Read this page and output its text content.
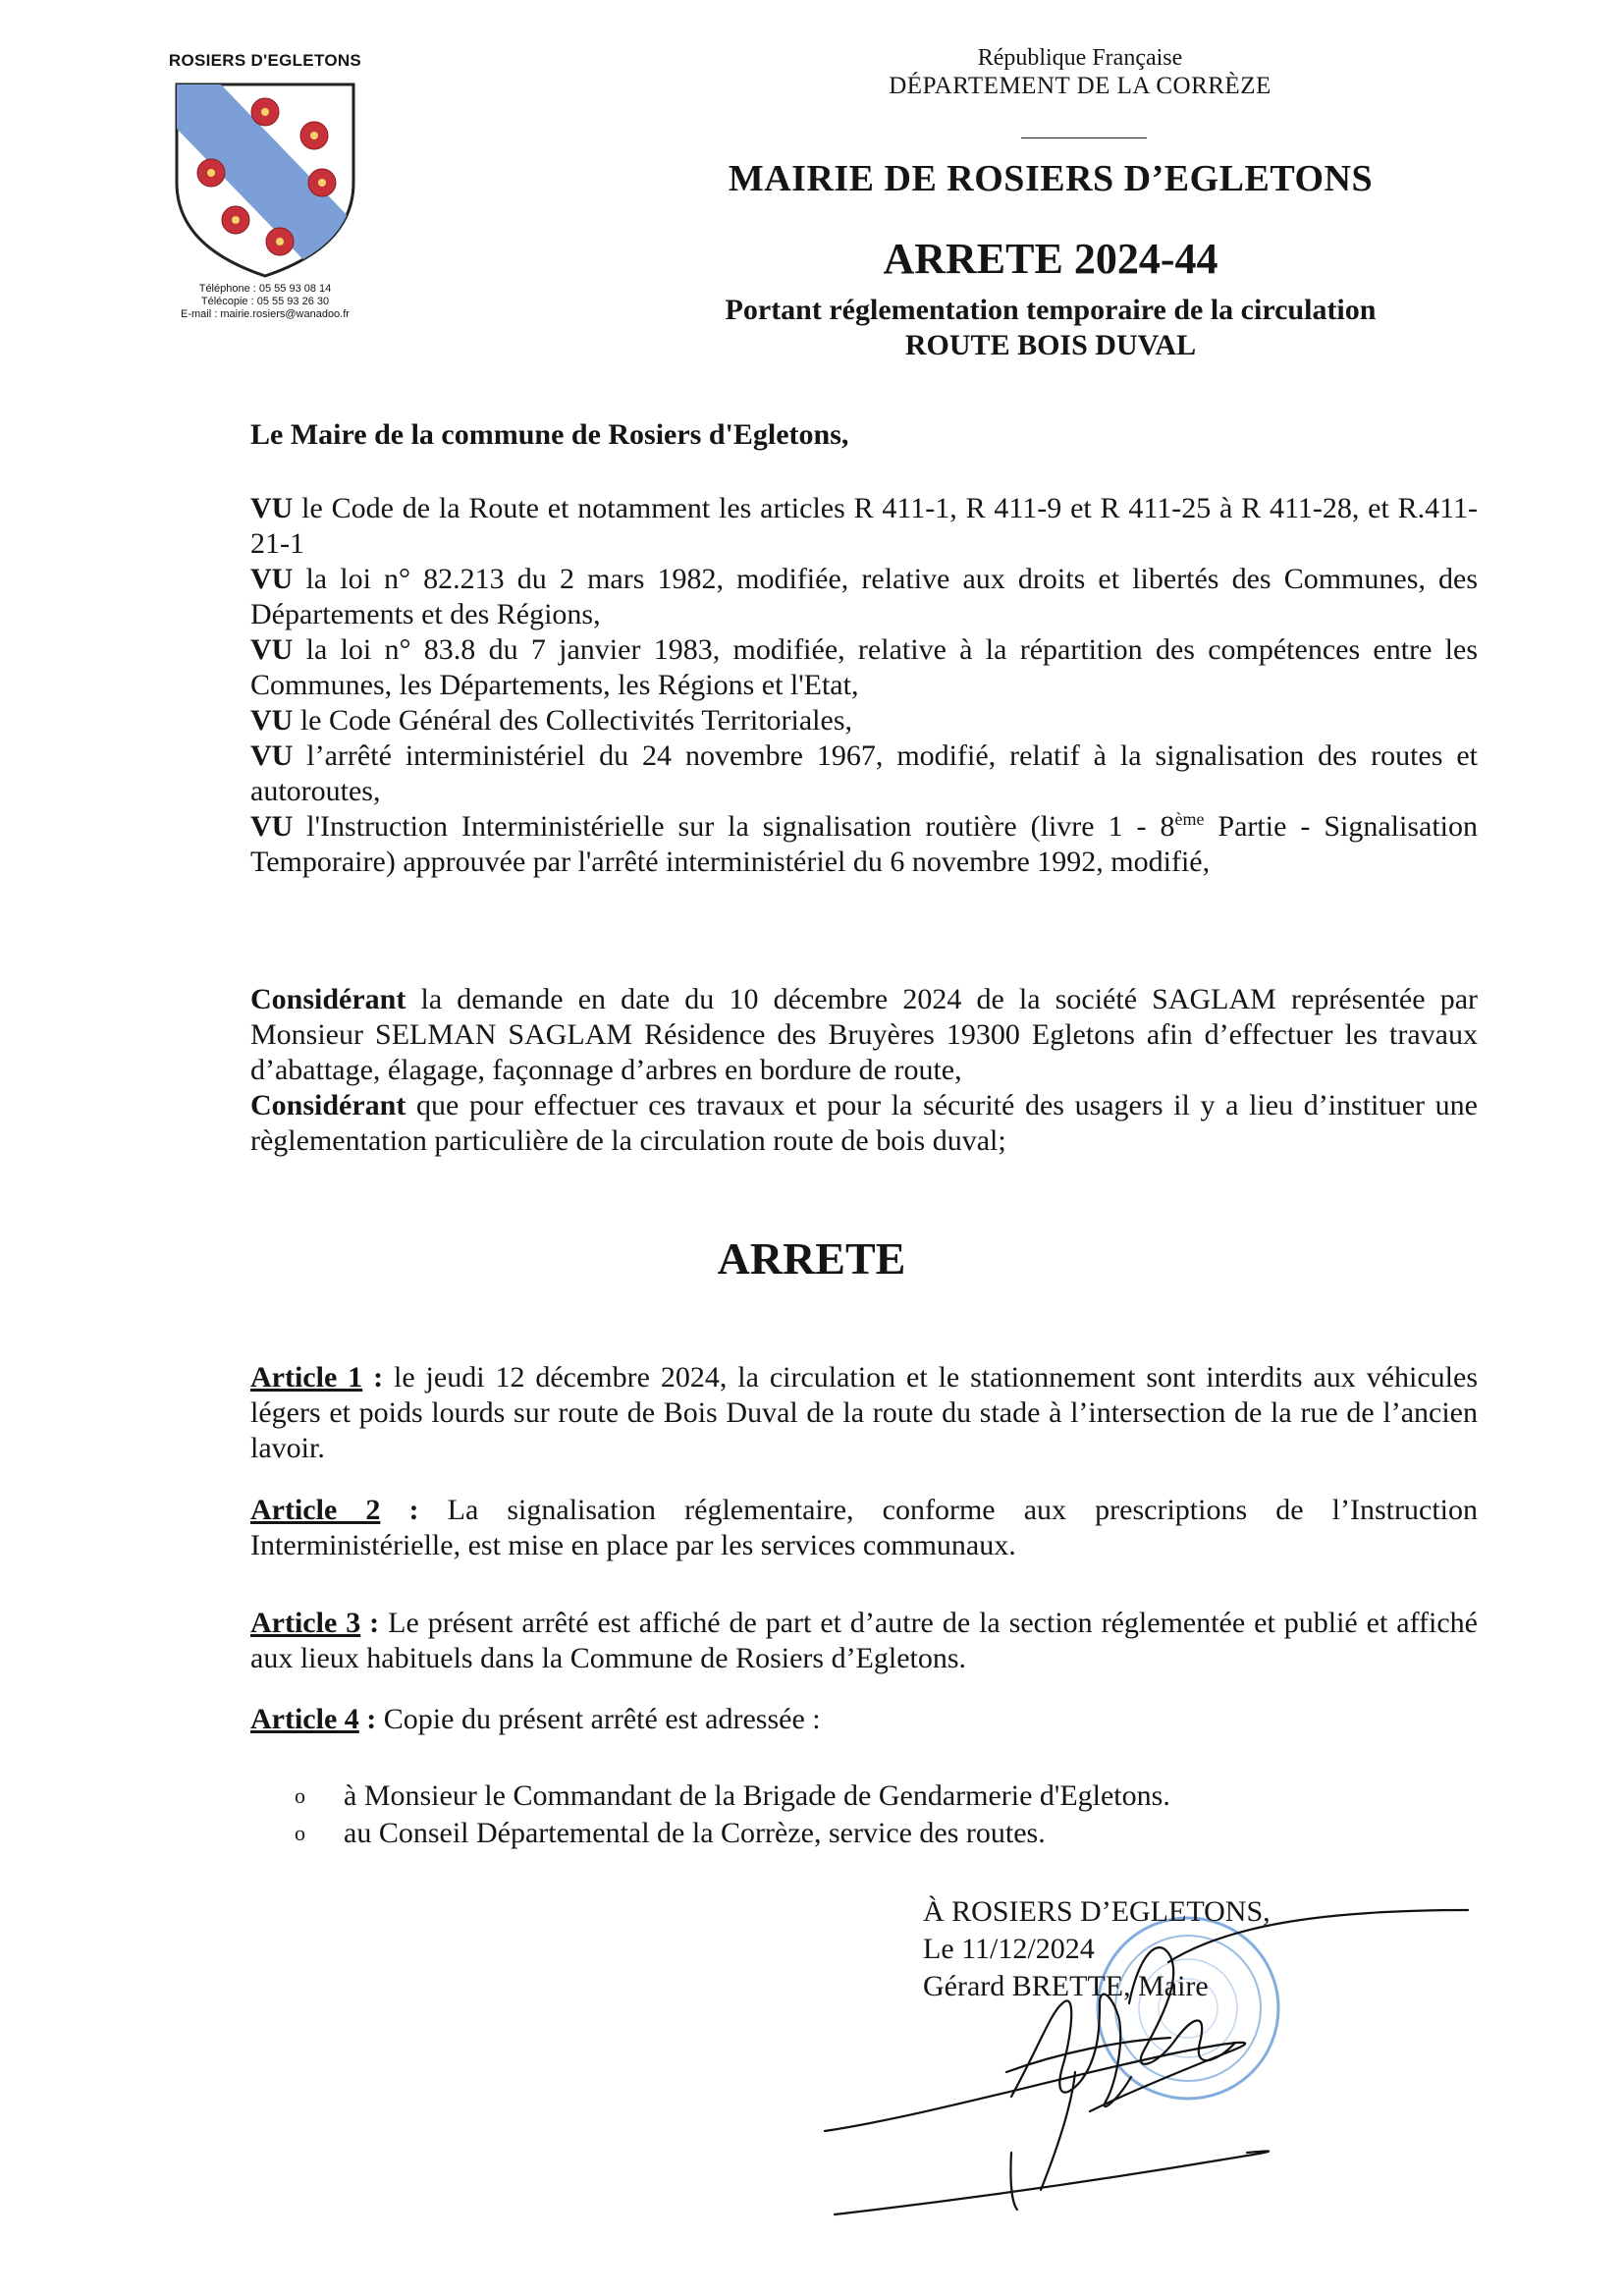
ROSIERS D'EGLETONS
Téléphone : 05 55 93 08 14
Télécopie : 05 55 93 26 30
E-mail : mairie.rosiers@wanadoo.fr
République Française
DÉPARTEMENT DE LA CORRÈZE
MAIRIE DE ROSIERS D’EGLETONS
ARRETE 2024-44
Portant réglementation temporaire de la circulation
ROUTE BOIS DUVAL
Le Maire de la commune de Rosiers d'Egletons,

VU le Code de la Route et notamment les articles R 411-1, R 411-9 et R 411-25 à R 411-28, et R.411-21-1

VU la loi n° 82.213 du 2 mars 1982, modifiée, relative aux droits et libertés des Communes, des Départements et des Régions,

VU la loi n° 83.8 du 7 janvier 1983, modifiée, relative à la répartition des compétences entre les Communes, les Départements, les Régions et l'Etat,

VU le Code Général des Collectivités Territoriales,

VU l’arrêté interministériel du 24 novembre 1967, modifié, relatif à la signalisation des routes et autoroutes,

VU l'Instruction Interministérielle sur la signalisation routière (livre 1 - 8ème Partie - Signalisation Temporaire) approuvée par l'arrêté interministériel du 6 novembre 1992, modifié,

Considérant la demande en date du 10 décembre 2024 de la société SAGLAM représentée par Monsieur SELMAN SAGLAM Résidence des Bruyères 19300 Egletons afin d’effectuer les travaux d’abattage, élagage, façonnage d’arbres en bordure de route,

Considérant que pour effectuer ces travaux et pour la sécurité des usagers il y a lieu d’instituer une règlementation particulière de la circulation route de bois duval;

ARRETE

Article 1 : le jeudi 12 décembre 2024, la circulation et le stationnement sont interdits aux véhicules légers et poids lourds sur route de Bois Duval de la route du stade à l’intersection de la rue de l’ancien lavoir.

Article 2 : La signalisation réglementaire, conforme aux prescriptions de l’Instruction Interministérielle, est mise en place par les services communaux.

Article 3 : Le présent arrêté est affiché de part et d’autre de la section réglementée et publié et affiché aux lieux habituels dans la Commune de Rosiers d’Egletons.

Article 4 : Copie du présent arrêté est adressée :

o	à Monsieur le Commandant de la Brigade de Gendarmerie d'Egletons.
o	au Conseil Départemental de la Corrèze, service des routes.
À ROSIERS D’EGLETONS,
Le 11/12/2024
Gérard BRETTE, Maire
